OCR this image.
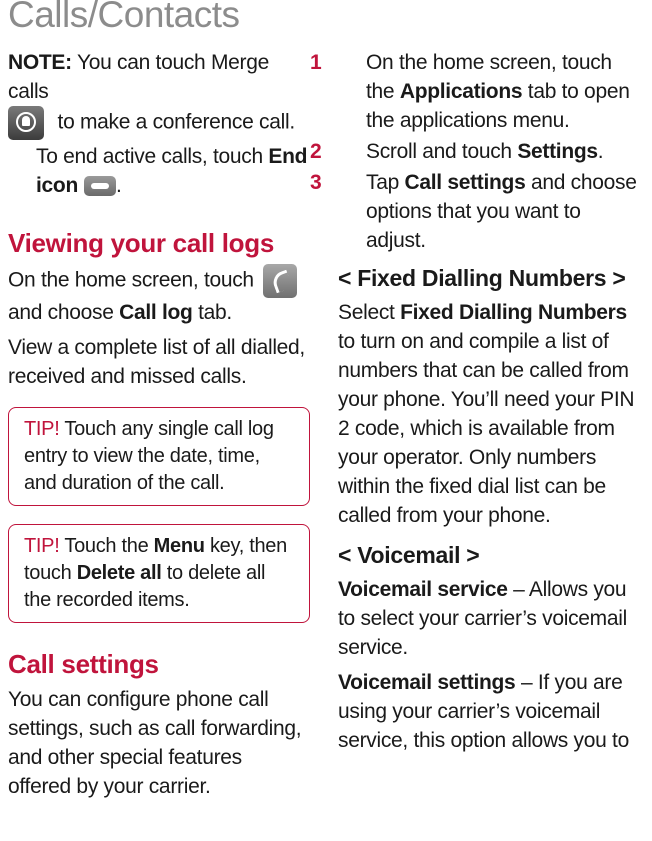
Calls/Contacts

NOTE: You can touch Merge calls
to make a conference call.

To end active calls, touch End icon .

Viewing your call logs

On the home screen, touch
and choose Call log tab.

View a complete list of all dialled, received and missed calls.

TIP! Touch any single call log entry to view the date, time, and duration of the call.
TIP! Touch the Menu key, then touch Delete all to delete all the recorded items.
Call settings

You can configure phone call settings, such as call forwarding, and other special features offered by your carrier.

1 On the home screen, touch the Applications tab to open the applications menu.

2 Scroll and touch Settings.

3 Tap Call settings and choose options that you want to adjust.

< Fixed Dialling Numbers >

Select Fixed Dialling Numbers to turn on and compile a list of numbers that can be called from your phone. You’ll need your PIN 2 code, which is available from your operator. Only numbers within the fixed dial list can be called from your phone.

< Voicemail >

Voicemail service – Allows you to select your carrier’s voicemail service.

Voicemail settings – If you are using your carrier’s voicemail service, this option allows you to
